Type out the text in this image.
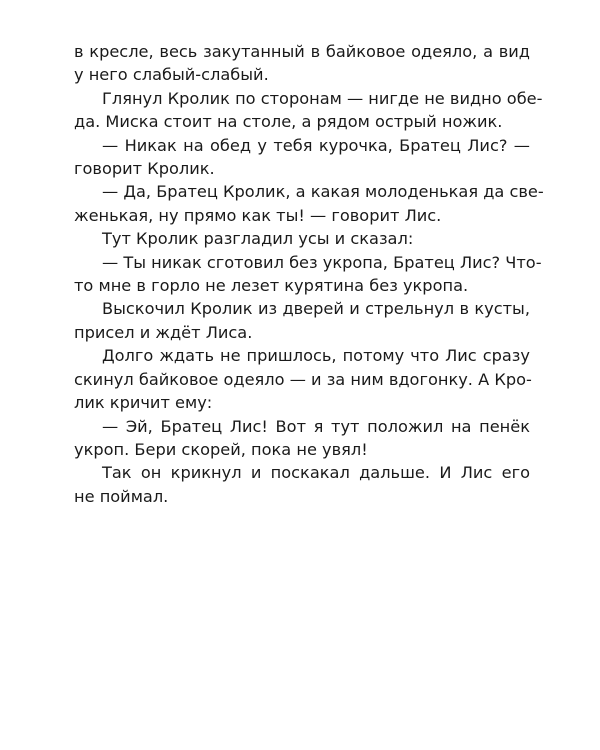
в кресле, весь закутанный в байковое одеяло, а вид
у него слабый-слабый.
Глянул Кролик по сторонам — нигде не видно обе-
да. Миска стоит на столе, а рядом острый ножик.
— Никак на обед у тебя курочка, Братец Лис? —
говорит Кролик.
— Да, Братец Кролик, а какая молоденькая да све-
женькая, ну прямо как ты! — говорит Лис.
Тут Кролик разгладил усы и сказал:
— Ты никак сготовил без укропа, Братец Лис? Что-
то мне в горло не лезет курятина без укропа.
Выскочил Кролик из дверей и стрельнул в кусты,
присел и ждёт Лиса.
Долго ждать не пришлось, потому что Лис сразу
скинул байковое одеяло — и за ним вдогонку. А Кро-
лик кричит ему:
— Эй, Братец Лис! Вот я тут положил на пенёк
укроп. Бери скорей, пока не увял!
Так он крикнул и поскакал дальше. И Лис его
не поймал.
